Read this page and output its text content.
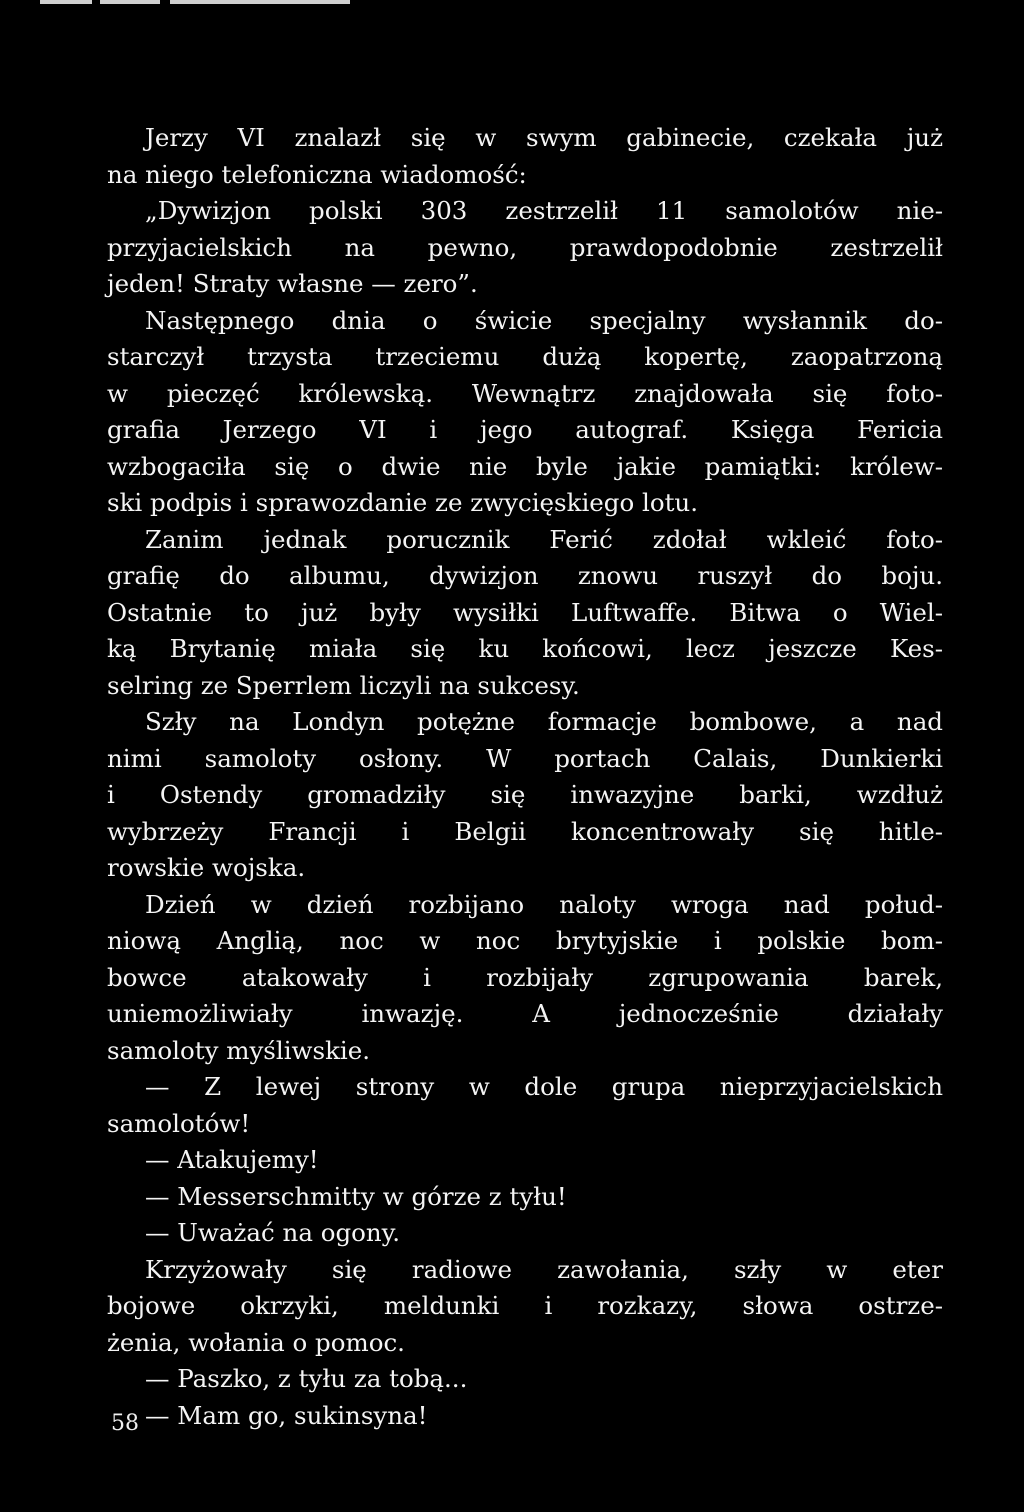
Jerzy VI znalazł się w swym gabinecie, czekała już
na niego telefoniczna wiadomość:
„Dywizjon polski 303 zestrzelił 11 samolotów nie-
przyjacielskich na pewno, prawdopodobnie zestrzelił
jeden! Straty własne — zero”.
Następnego dnia o świcie specjalny wysłannik do-
starczył trzysta trzeciemu dużą kopertę, zaopatrzoną
w pieczęć królewską. Wewnątrz znajdowała się foto-
grafia Jerzego VI i jego autograf. Księga Fericia
wzbogaciła się o dwie nie byle jakie pamiątki: królew-
ski podpis i sprawozdanie ze zwycięskiego lotu.
Zanim jednak porucznik Ferić zdołał wkleić foto-
grafię do albumu, dywizjon znowu ruszył do boju.
Ostatnie to już były wysiłki Luftwaffe. Bitwa o Wiel-
ką Brytanię miała się ku końcowi, lecz jeszcze Kes-
selring ze Sperrlem liczyli na sukcesy.
Szły na Londyn potężne formacje bombowe, a nad
nimi samoloty osłony. W portach Calais, Dunkierki
i Ostendy gromadziły się inwazyjne barki, wzdłuż
wybrzeży Francji i Belgii koncentrowały się hitle-
rowskie wojska.
Dzień w dzień rozbijano naloty wroga nad połud-
niową Anglią, noc w noc brytyjskie i polskie bom-
bowce atakowały i rozbijały zgrupowania barek,
uniemożliwiały inwazję. A jednocześnie działały
samoloty myśliwskie.
— Z lewej strony w dole grupa nieprzyjacielskich
samolotów!
— Atakujemy!
— Messerschmitty w górze z tyłu!
— Uważać na ogony.
Krzyżowały się radiowe zawołania, szły w eter
bojowe okrzyki, meldunki i rozkazy, słowa ostrze-
żenia, wołania o pomoc.
— Paszko, z tyłu za tobą...
— Mam go, sukinsyna!
58
